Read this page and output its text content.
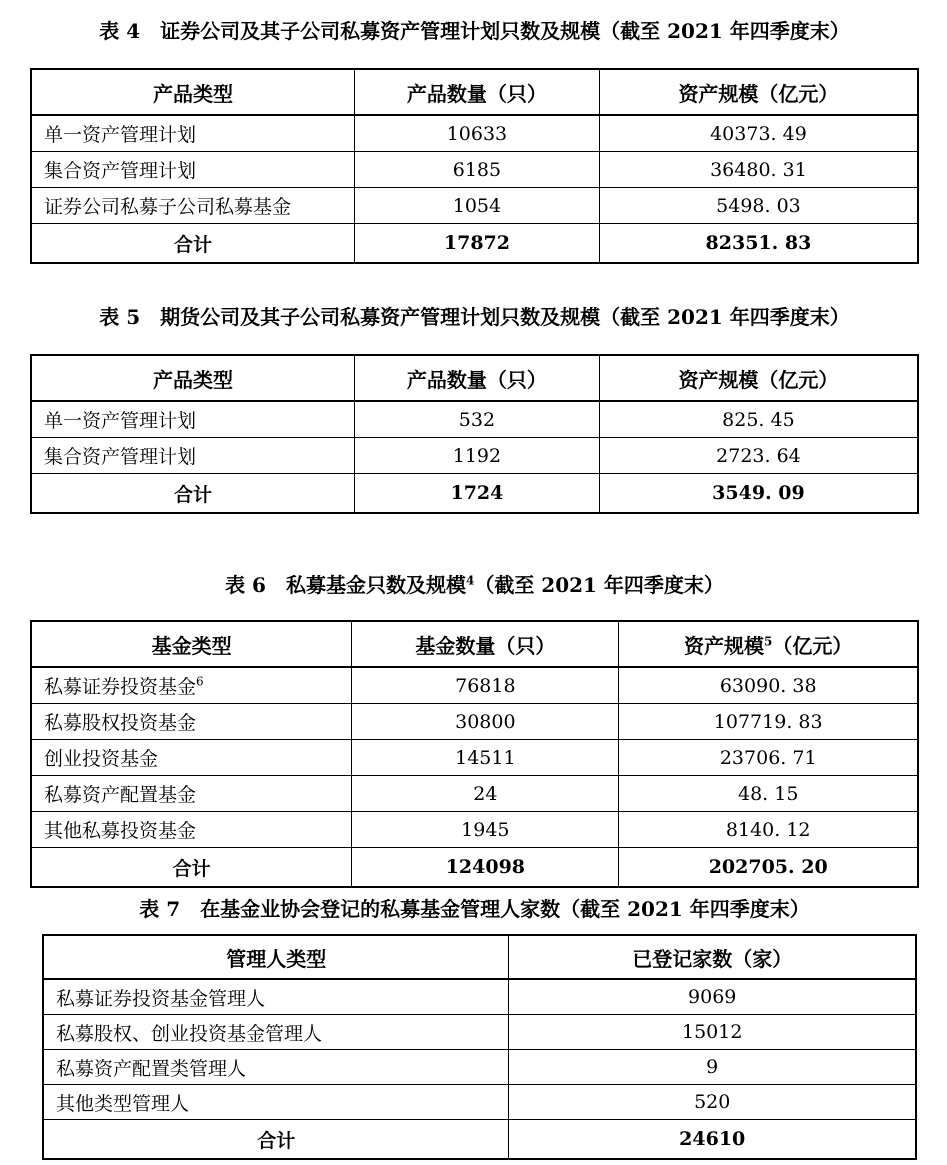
表 4　证券公司及其子公司私募资产管理计划只数及规模（截至 2021 年四季度末）
产品类型	产品数量（只）	资产规模（亿元）
单一资产管理计划	10633	40373. 49
集合资产管理计划	6185	36480. 31
证券公司私募子公司私募基金	1054	5498. 03
合计	17872	82351. 83
表 5　期货公司及其子公司私募资产管理计划只数及规模（截至 2021 年四季度末）
产品类型	产品数量（只）	资产规模（亿元）
单一资产管理计划	532	825. 45
集合资产管理计划	1192	2723. 64
合计	1724	3549. 09
表 6　私募基金只数及规模$^4$（截至 2021 年四季度末）
基金类型	基金数量（只）	资产规模$^5$（亿元）
私募证券投资基金$^6$	76818	63090. 38
私募股权投资基金	30800	107719. 83
创业投资基金	14511	23706. 71
私募资产配置基金	24	48. 15
其他私募投资基金	1945	8140. 12
合计	124098	202705. 20
表 7　在基金业协会登记的私募基金管理人家数（截至 2021 年四季度末）
管理人类型	已登记家数（家）
私募证券投资基金管理人	9069
私募股权、创业投资基金管理人	15012
私募资产配置类管理人	9
其他类型管理人	520
合计	24610
